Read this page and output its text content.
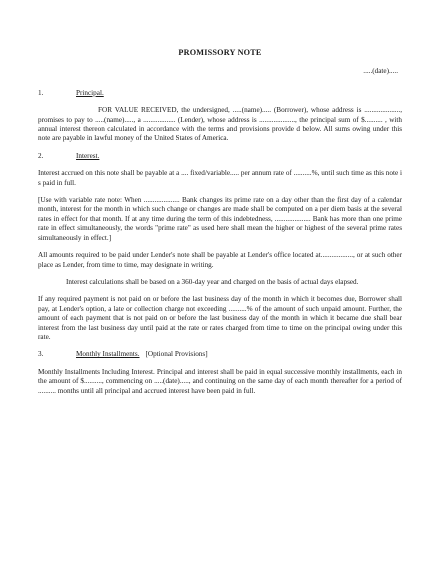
PROMISSORY NOTE
.....(date).....
1.	Principal.

FOR VALUE RECEIVED, the undersigned, .....(name)..... (Borrower), whose address is ...................., promises to pay to .....(name)....., a .................. (Lender), whose address is ...................., the principal sum of $.......... , with annual interest thereon calculated in accordance with the terms and provisions provide d below. All sums owing under this note are payable in lawful money of the United States of America.

2.	Interest.

Interest accrued on this note shall be payable at a .... fixed/variable..... per annum rate of ..........%, until such time as this note i s paid in full.

[Use with variable rate note: When .................... Bank changes its prime rate on a day other than the first day of a calendar month, interest for the month in which such change or changes are made shall be computed on a per diem basis at the several rates in effect for that month. If at any time during the term of this indebtedness, .................... Bank has more than one prime rate in effect simultaneously, the words "prime rate" as used here shall mean the higher or highest of the several prime rates simultaneously in effect.]

All amounts required to be paid under Lender's note shall be payable at Lender's office located at.................., or at such other place as Lender, from time to time, may designate in writing.

Interest calculations shall be based on a 360-day year and charged on the basis of actual days elapsed.

If any required payment is not paid on or before the last business day of the month in which it becomes due, Borrower shall pay, at Lender's option, a late or collection charge not exceeding ..........% of the amount of such unpaid amount. Further, the amount of each payment that is not paid on or before the last business day of the month in which it became due shall bear interest from the last business day until paid at the rate or rates charged from time to time on the principal owing under this rate.

3.	Monthly Installments. [Optional Provisions]

Monthly Installments Including Interest. Principal and interest shall be paid in equal successive monthly installments, each in the amount of $.........., commencing on .....(date)....., and continuing on the same day of each month thereafter for a period of .......... months until all principal and accrued interest have been paid in full.
